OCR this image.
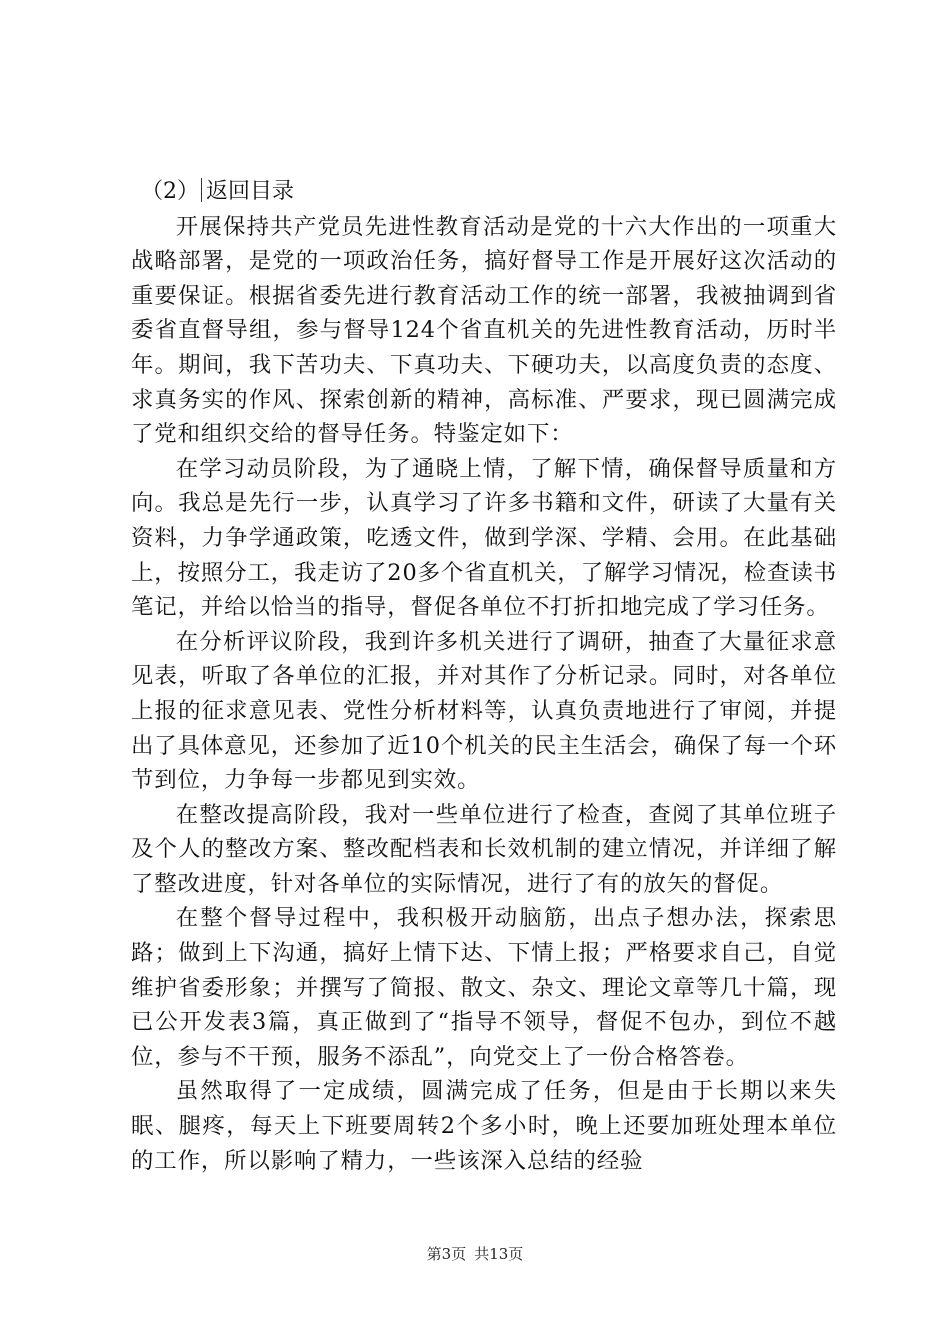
（2） 返回目录

开展保持共产党员先进性教育活动是党的十六大作出的一项重大战略部署，是党的一项政治任务，搞好督导工作是开展好这次活动的重要保证。根据省委先进行教育活动工作的统一部署，我被抽调到省委省直督导组，参与督导124个省直机关的先进性教育活动，历时半年。期间，我下苦功夫、下真功夫、下硬功夫，以高度负责的态度、求真务实的作风、探索创新的精神，高标准、严要求，现已圆满完成了党和组织交给的督导任务。特鉴定如下：

在学习动员阶段，为了通晓上情，了解下情，确保督导质量和方向。我总是先行一步，认真学习了许多书籍和文件，研读了大量有关资料，力争学通政策，吃透文件，做到学深、学精、会用。在此基础上，按照分工，我走访了20多个省直机关，了解学习情况，检查读书笔记，并给以恰当的指导，督促各单位不打折扣地完成了学习任务。

在分析评议阶段，我到许多机关进行了调研，抽查了大量征求意见表，听取了各单位的汇报，并对其作了分析记录。同时，对各单位上报的征求意见表、党性分析材料等，认真负责地进行了审阅，并提出了具体意见，还参加了近10个机关的民主生活会，确保了每一个环节到位，力争每一步都见到实效。

在整改提高阶段，我对一些单位进行了检查，查阅了其单位班子及个人的整改方案、整改配档表和长效机制的建立情况，并详细了解了整改进度，针对各单位的实际情况，进行了有的放矢的督促。

在整个督导过程中，我积极开动脑筋，出点子想办法，探索思路；做到上下沟通，搞好上情下达、下情上报；严格要求自己，自觉维护省委形象；并撰写了简报、散文、杂文、理论文章等几十篇，现已公开发表3篇，真正做到了“指导不领导，督促不包办，到位不越位，参与不干预，服务不添乱”，向党交上了一份合格答卷。

虽然取得了一定成绩，圆满完成了任务，但是由于长期以来失眠、腿疼，每天上下班要周转2个多小时，晚上还要加班处理本单位的工作，所以影响了精力，一些该深入总结的经验

第3页 共13页
